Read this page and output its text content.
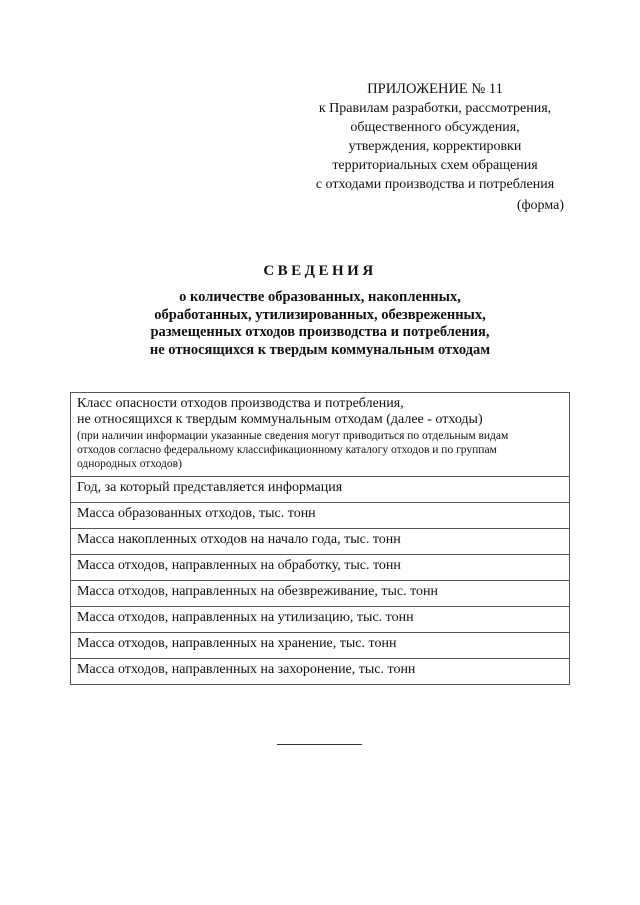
ПРИЛОЖЕНИЕ № 11
к Правилам разработки, рассмотрения,
общественного обсуждения,
утверждения, корректировки
территориальных схем обращения
с отходами производства и потребления
(форма)
СВЕДЕНИЯ
о количестве образованных, накопленных,
обработанных, утилизированных, обезвреженных,
размещенных отходов производства и потребления,
не относящихся к твердым коммунальным отходам
Класс опасности отходов производства и потребления,
не относящихся к твердым коммунальным отходам (далее - отходы)
(при наличии информации указанные сведения могут приводиться по отдельным видам
отходов согласно федеральному классификационному каталогу отходов и по группам
однородных отходов)

Год, за который представляется информация
Масса образованных отходов, тыс. тонн
Масса накопленных отходов на начало года, тыс. тонн
Масса отходов, направленных на обработку, тыс. тонн
Масса отходов, направленных на обезвреживание, тыс. тонн
Масса отходов, направленных на утилизацию, тыс. тонн
Масса отходов, направленных на хранение, тыс. тонн
Масса отходов, направленных на захоронение, тыс. тонн
